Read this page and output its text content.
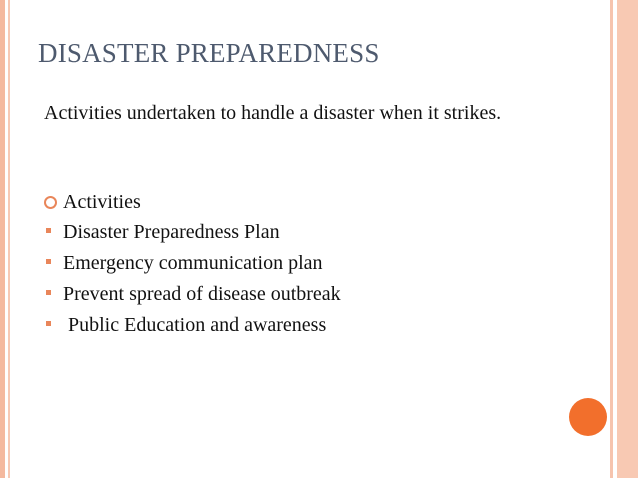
DISASTER PREPAREDNESS
Activities undertaken to handle a disaster when it strikes.
Activities
Disaster Preparedness Plan
Emergency communication plan
Prevent spread of disease outbreak
Public Education and awareness
